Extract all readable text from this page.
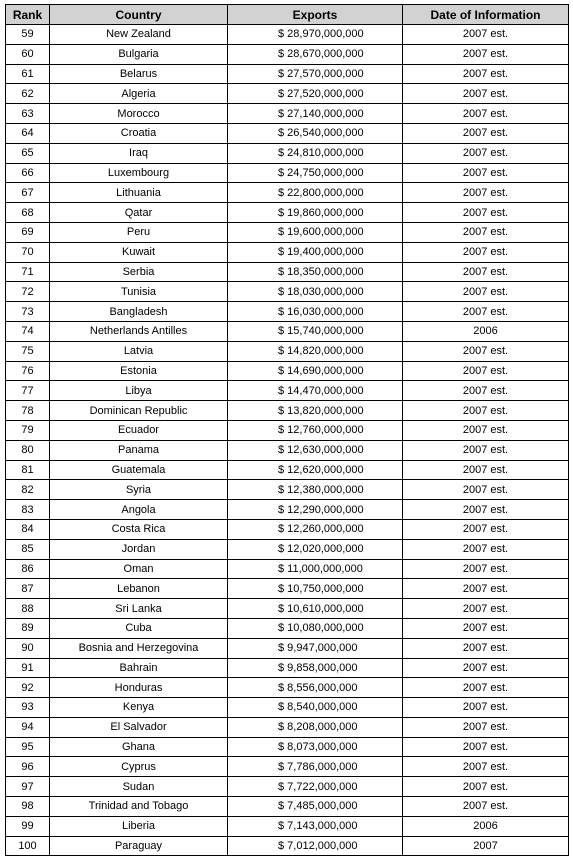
Rank	Country	Exports	Date of Information
59	New Zealand	$ 28,970,000,000	2007 est.
60	Bulgaria	$ 28,670,000,000	2007 est.
61	Belarus	$ 27,570,000,000	2007 est.
62	Algeria	$ 27,520,000,000	2007 est.
63	Morocco	$ 27,140,000,000	2007 est.
64	Croatia	$ 26,540,000,000	2007 est.
65	Iraq	$ 24,810,000,000	2007 est.
66	Luxembourg	$ 24,750,000,000	2007 est.
67	Lithuania	$ 22,800,000,000	2007 est.
68	Qatar	$ 19,860,000,000	2007 est.
69	Peru	$ 19,600,000,000	2007 est.
70	Kuwait	$ 19,400,000,000	2007 est.
71	Serbia	$ 18,350,000,000	2007 est.
72	Tunisia	$ 18,030,000,000	2007 est.
73	Bangladesh	$ 16,030,000,000	2007 est.
74	Netherlands Antilles	$ 15,740,000,000	2006
75	Latvia	$ 14,820,000,000	2007 est.
76	Estonia	$ 14,690,000,000	2007 est.
77	Libya	$ 14,470,000,000	2007 est.
78	Dominican Republic	$ 13,820,000,000	2007 est.
79	Ecuador	$ 12,760,000,000	2007 est.
80	Panama	$ 12,630,000,000	2007 est.
81	Guatemala	$ 12,620,000,000	2007 est.
82	Syria	$ 12,380,000,000	2007 est.
83	Angola	$ 12,290,000,000	2007 est.
84	Costa Rica	$ 12,260,000,000	2007 est.
85	Jordan	$ 12,020,000,000	2007 est.
86	Oman	$ 11,000,000,000	2007 est.
87	Lebanon	$ 10,750,000,000	2007 est.
88	Sri Lanka	$ 10,610,000,000	2007 est.
89	Cuba	$ 10,080,000,000	2007 est.
90	Bosnia and Herzegovina	$ 9,947,000,000	2007 est.
91	Bahrain	$ 9,858,000,000	2007 est.
92	Honduras	$ 8,556,000,000	2007 est.
93	Kenya	$ 8,540,000,000	2007 est.
94	El Salvador	$ 8,208,000,000	2007 est.
95	Ghana	$ 8,073,000,000	2007 est.
96	Cyprus	$ 7,786,000,000	2007 est.
97	Sudan	$ 7,722,000,000	2007 est.
98	Trinidad and Tobago	$ 7,485,000,000	2007 est.
99	Liberia	$ 7,143,000,000	2006
100	Paraguay	$ 7,012,000,000	2007
